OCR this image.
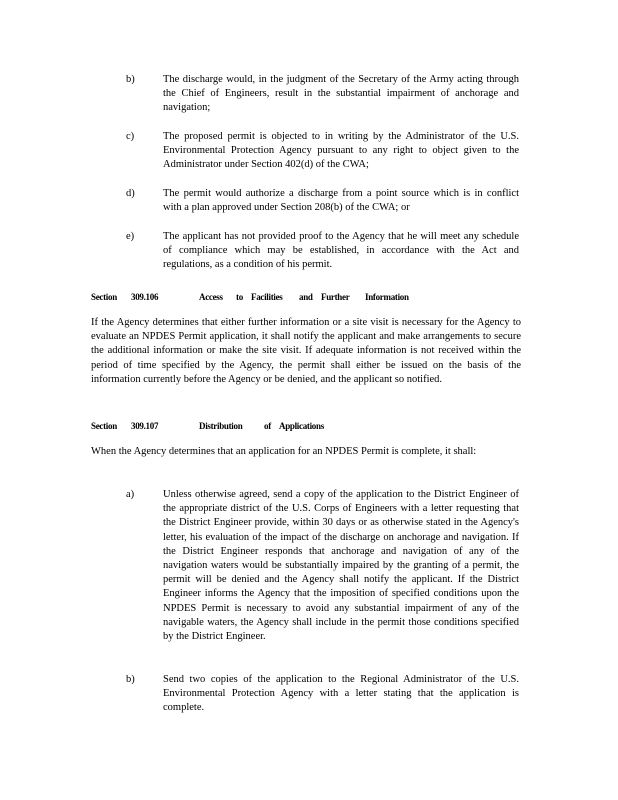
b)	The discharge would, in the judgment of the Secretary of the Army acting through the Chief of Engineers, result in the substantial impairment of anchorage and navigation;
c)	The proposed permit is objected to in writing by the Administrator of the U.S. Environmental Protection Agency pursuant to any right to object given to the Administrator under Section 402(d) of the CWA;
d)	The permit would authorize a discharge from a point source which is in conflict with a plan approved under Section 208(b) of the CWA; or
e)	The applicant has not provided proof to the Agency that he will meet any schedule of compliance which may be established, in accordance with the Act and regulations, as a condition of his permit.
Section 309.106	Access to Facilities and Further Information
If the Agency determines that either further information or a site visit is necessary for the Agency to evaluate an NPDES Permit application, it shall notify the applicant and make arrangements to secure the additional information or make the site visit. If adequate information is not received within the period of time specified by the Agency, the permit shall either be issued on the basis of the information currently before the Agency or be denied, and the applicant so notified.
Section 309.107	Distribution of Applications
When the Agency determines that an application for an NPDES Permit is complete, it shall:
a)	Unless otherwise agreed, send a copy of the application to the District Engineer of the appropriate district of the U.S. Corps of Engineers with a letter requesting that the District Engineer provide, within 30 days or as otherwise stated in the Agency's letter, his evaluation of the impact of the discharge on anchorage and navigation. If the District Engineer responds that anchorage and navigation of any of the navigation waters would be substantially impaired by the granting of a permit, the permit will be denied and the Agency shall notify the applicant. If the District Engineer informs the Agency that the imposition of specified conditions upon the NPDES Permit is necessary to avoid any substantial impairment of any of the navigable waters, the Agency shall include in the permit those conditions specified by the District Engineer.
b)	Send two copies of the application to the Regional Administrator of the U.S. Environmental Protection Agency with a letter stating that the application is complete.
